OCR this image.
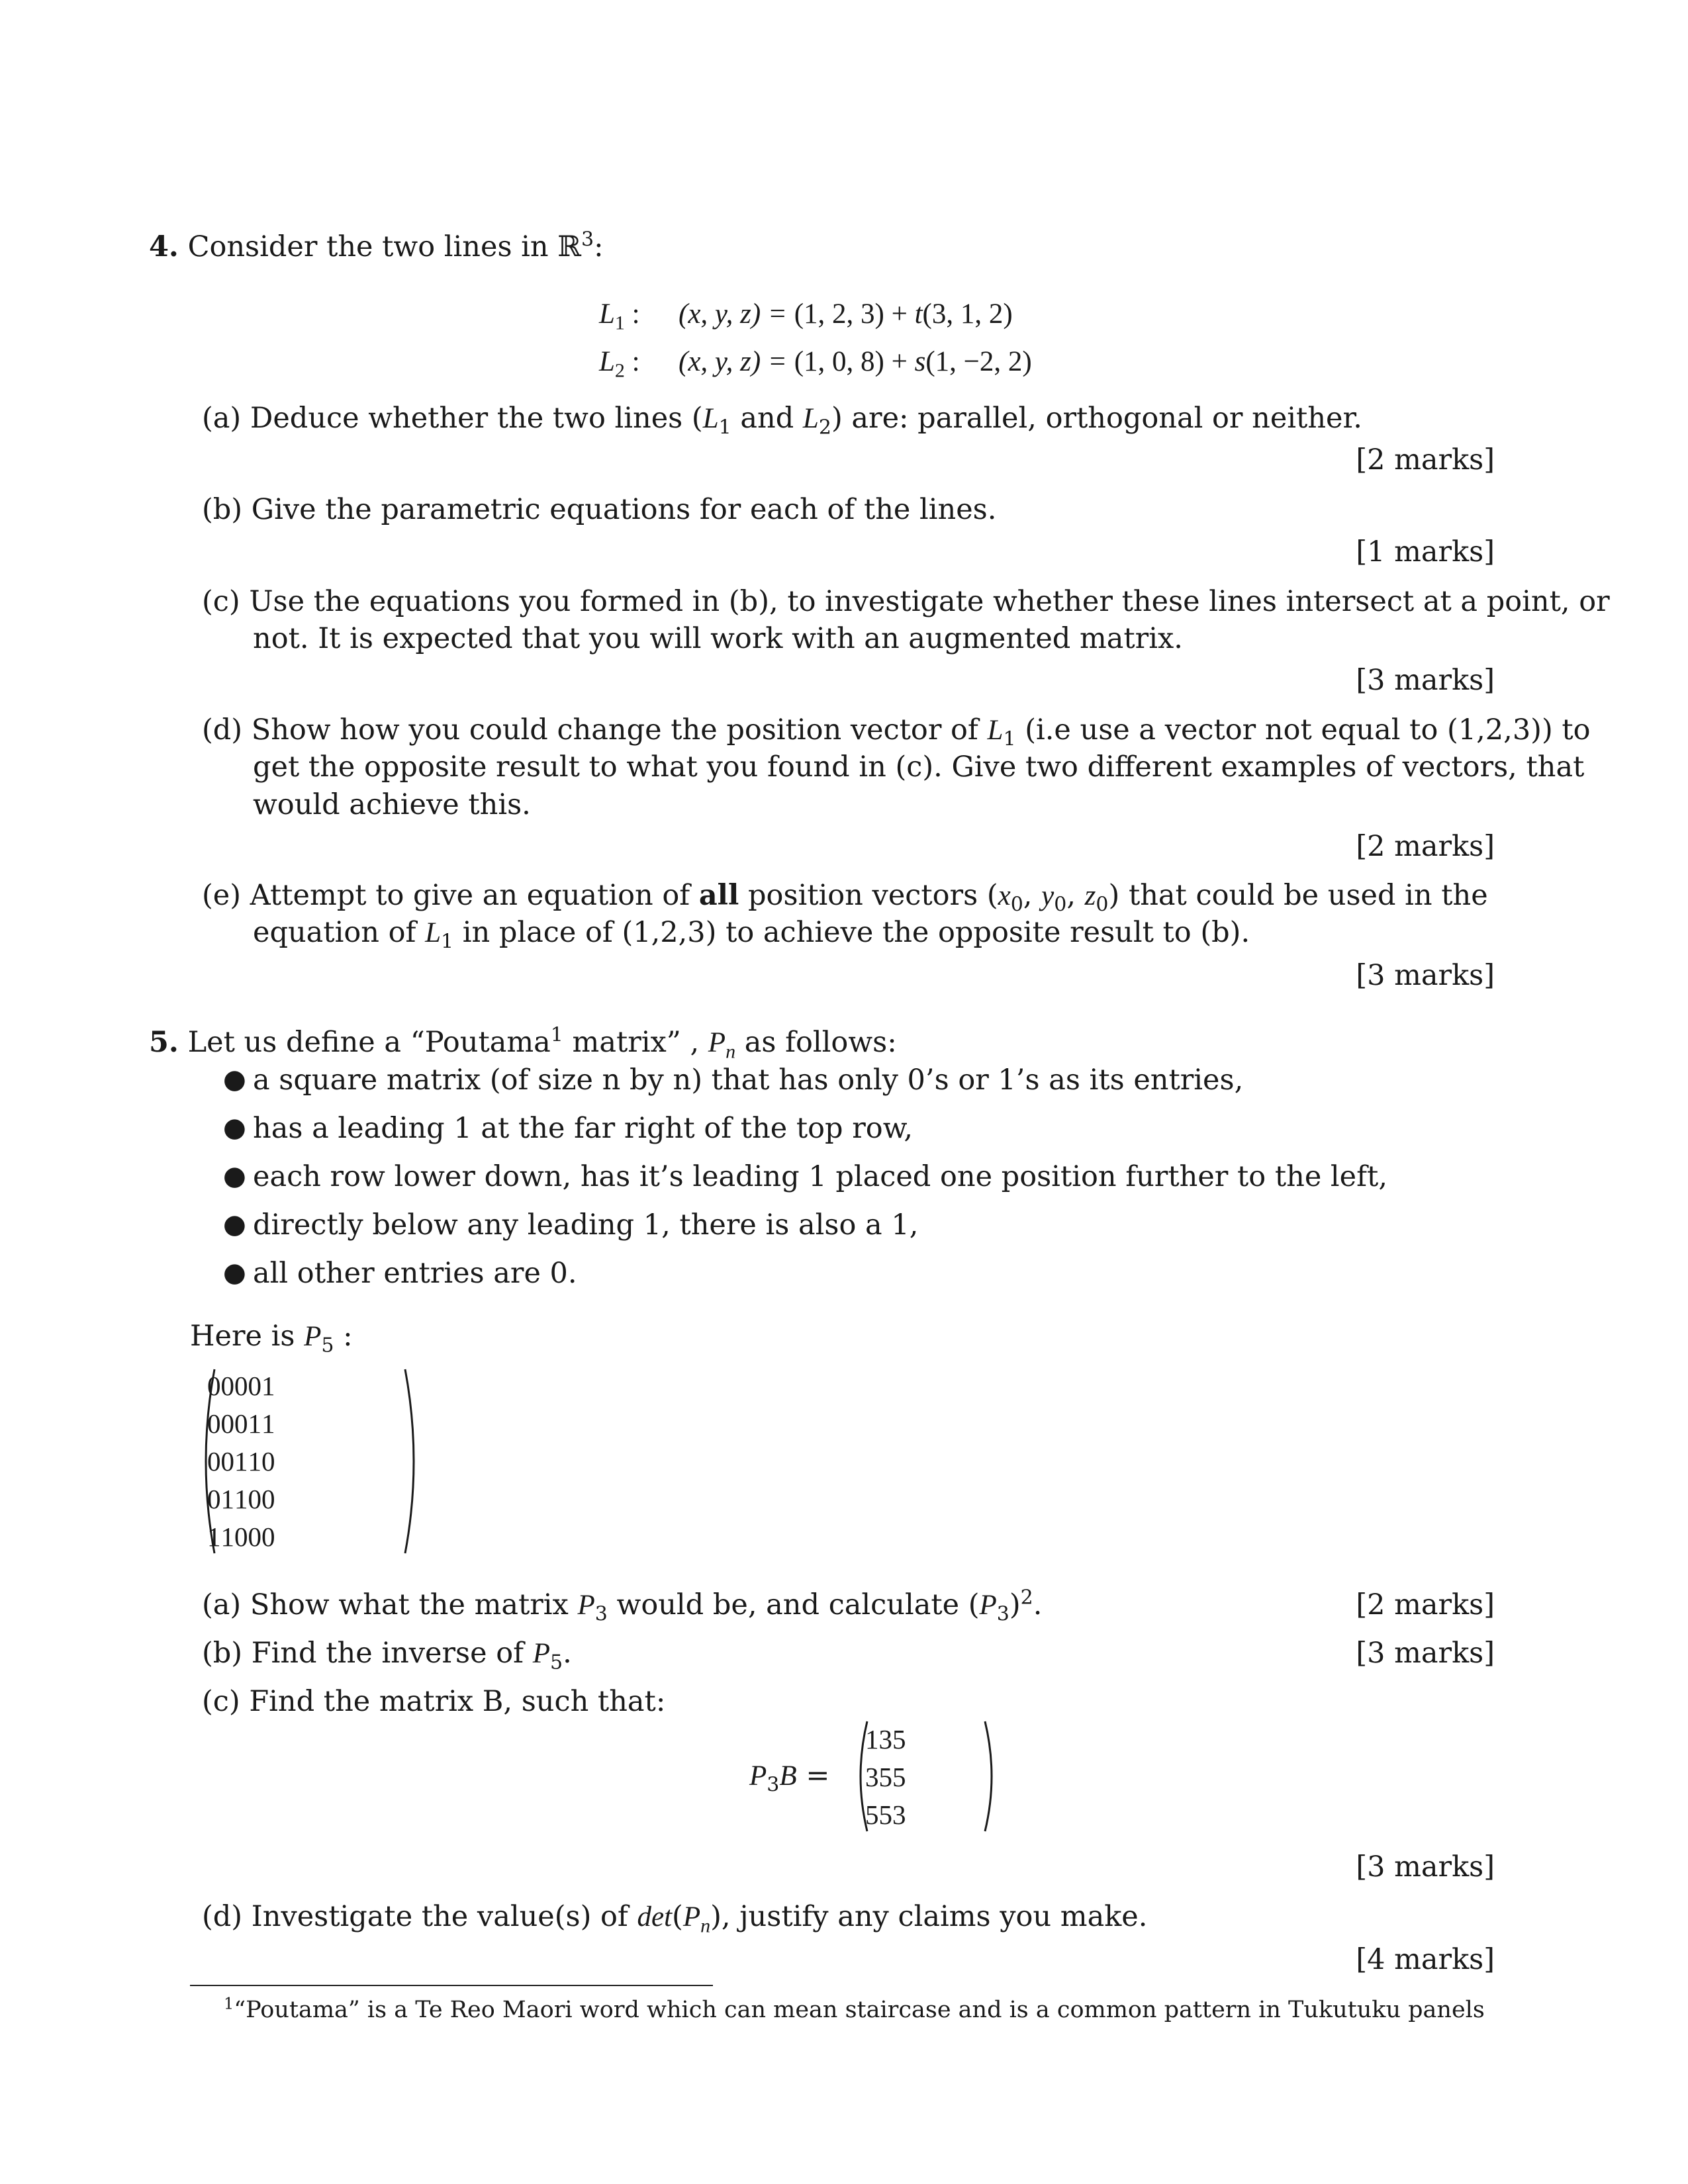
4. Consider the two lines in ℝ$^3$:
$L_1$ : (x, y, z) = (1, 2, 3) + t(3, 1, 2)
$L_2$ : (x, y, z) = (1, 0, 8) + s(1, −2, 2)
(a) Deduce whether the two lines ($L_1$ and $L_2$) are: parallel, orthogonal or neither.
[2 marks]
(b) Give the parametric equations for each of the lines.
[1 marks]
(c) Use the equations you formed in (b), to investigate whether these lines intersect at a point, or
not. It is expected that you will work with an augmented matrix.
[3 marks]
(d) Show how you could change the position vector of $L_1$ (i.e use a vector not equal to (1,2,3)) to
get the opposite result to what you found in (c). Give two different examples of vectors, that
would achieve this.
[2 marks]
(e) Attempt to give an equation of all position vectors ($x_0$, $y_0$, $z_0$) that could be used in the
equation of $L_1$ in place of (1,2,3) to achieve the opposite result to (b).
[3 marks]
5. Let us define a “Poutama$^1$ matrix” , $P_n$ as follows:
● a square matrix (of size n by n) that has only 0’s or 1’s as its entries,
● has a leading 1 at the far right of the top row,
● each row lower down, has it’s leading 1 placed one position further to the left,
● directly below any leading 1, there is also a 1,
● all other entries are 0.
Here is $P_5$ :
0	0	0	0	1
0	0	0	1	1
0	0	1	1	0
0	1	1	0	0
1	1	0	0	0
(a) Show what the matrix $P_3$ would be, and calculate $(P_3)^2$.	[2 marks]
(b) Find the inverse of $P_5$.	[3 marks]
(c) Find the matrix B, such that:
$P_3B$ =
1	3	5
3	5	5
5	5	3
[3 marks]
(d) Investigate the value(s) of $\det(P_n)$, justify any claims you make.
[4 marks]
$^1$“Poutama” is a Te Reo Maori word which can mean staircase and is a common pattern in Tukutuku panels
